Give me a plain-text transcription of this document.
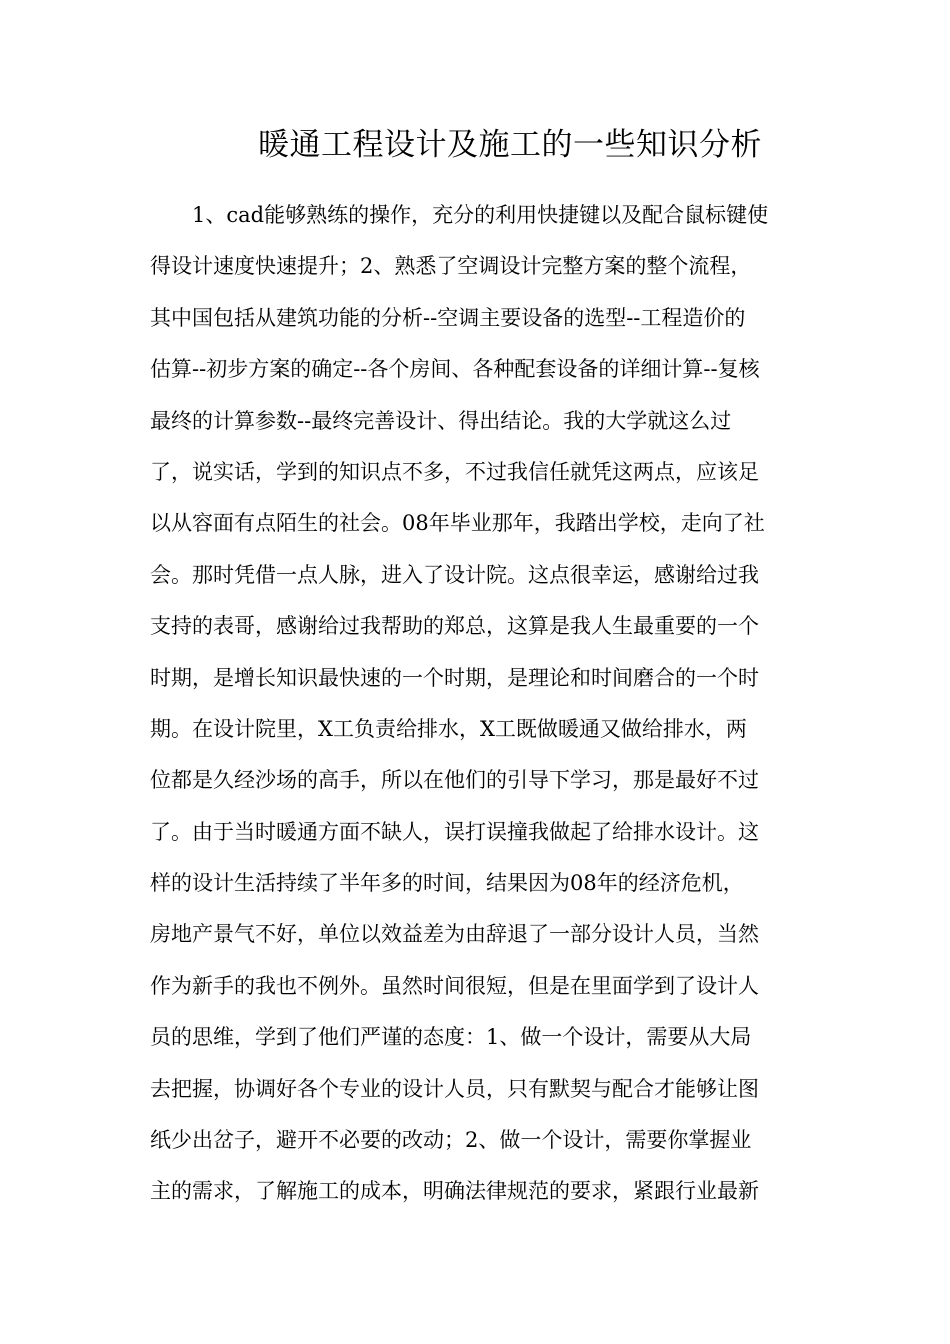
暖通工程设计及施工的一些知识分析
1、cad能够熟练的操作，充分的利用快捷键以及配合鼠标键使
得设计速度快速提升；2、熟悉了空调设计完整方案的整个流程，
其中国包括从建筑功能的分析--空调主要设备的选型--工程造价的
估算--初步方案的确定--各个房间、各种配套设备的详细计算--复核
最终的计算参数--最终完善设计、得出结论。我的大学就这么过
了，说实话，学到的知识点不多，不过我信任就凭这两点，应该足
以从容面有点陌生的社会。08年毕业那年，我踏出学校，走向了社
会。那时凭借一点人脉，进入了设计院。这点很幸运，感谢给过我
支持的表哥，感谢给过我帮助的郑总，这算是我人生最重要的一个
时期，是增长知识最快速的一个时期，是理论和时间磨合的一个时
期。在设计院里，X工负责给排水，X工既做暖通又做给排水，两
位都是久经沙场的高手，所以在他们的引导下学习，那是最好不过
了。由于当时暖通方面不缺人，误打误撞我做起了给排水设计。这
样的设计生活持续了半年多的时间，结果因为08年的经济危机，
房地产景气不好，单位以效益差为由辞退了一部分设计人员，当然
作为新手的我也不例外。虽然时间很短，但是在里面学到了设计人
员的思维，学到了他们严谨的态度：1、做一个设计，需要从大局
去把握，协调好各个专业的设计人员，只有默契与配合才能够让图
纸少出岔子，避开不必要的改动；2、做一个设计，需要你掌握业
主的需求，了解施工的成本，明确法律规范的要求，紧跟行业最新
